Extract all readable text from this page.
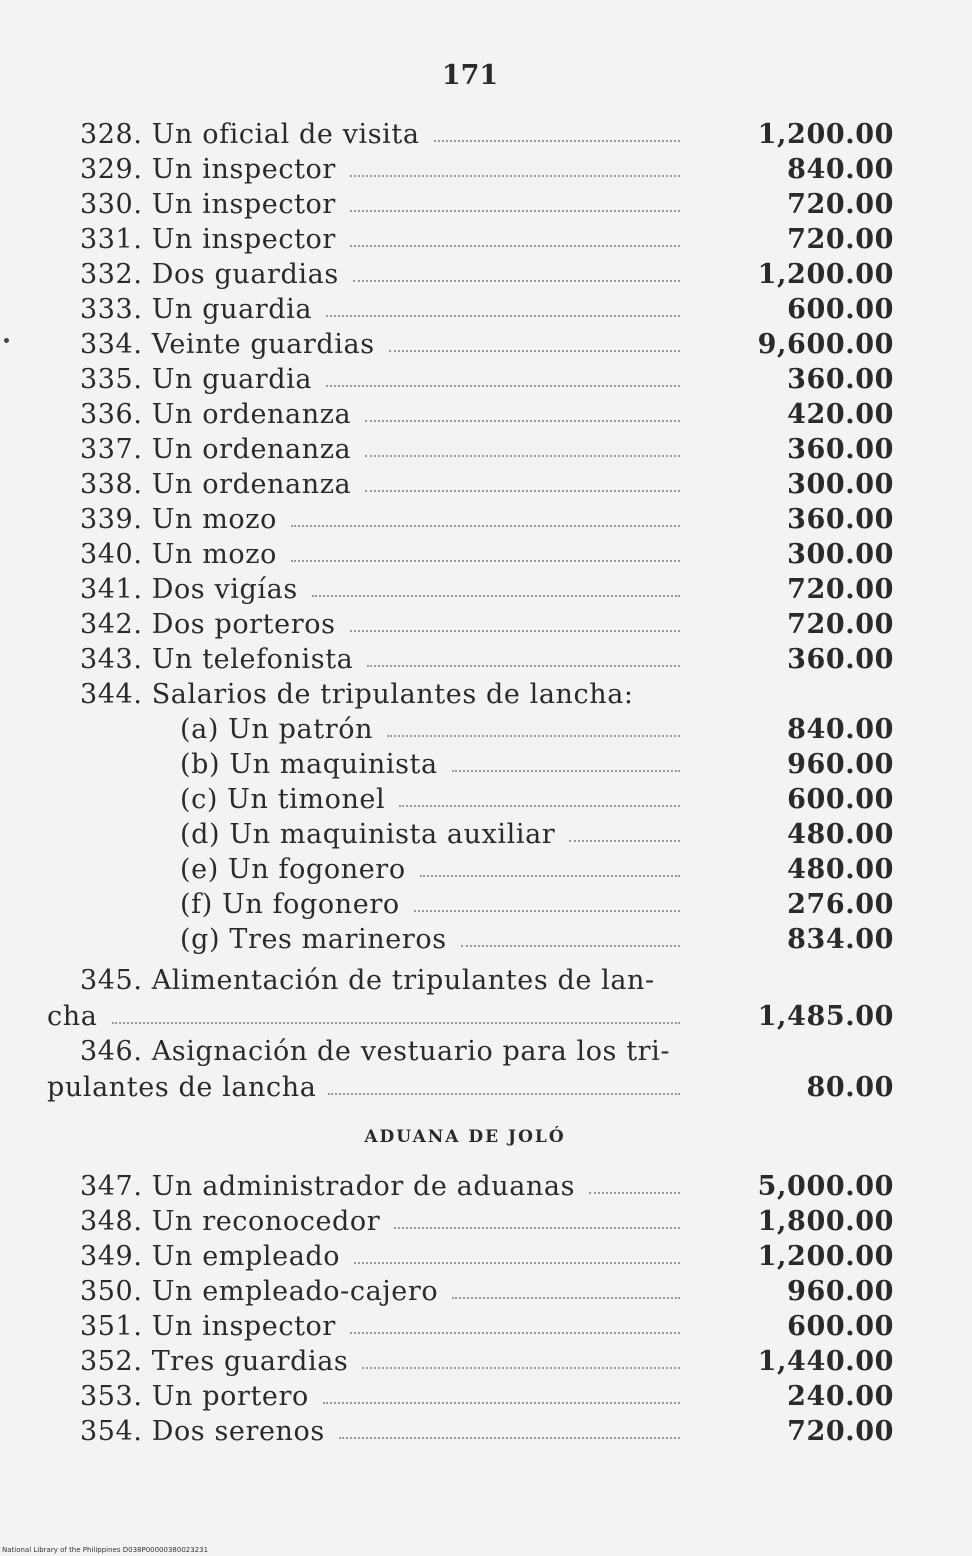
171
328. Un oficial de visita	1,200.00
329. Un inspector	840.00
330. Un inspector	720.00
331. Un inspector	720.00
332. Dos guardias	1,200.00
333. Un guardia	600.00
334. Veinte guardias	9,600.00
335. Un guardia	360.00
336. Un ordenanza	420.00
337. Un ordenanza	360.00
338. Un ordenanza	300.00
339. Un mozo	360.00
340. Un mozo	300.00
341. Dos vigías	720.00
342. Dos porteros	720.00
343. Un telefonista	360.00
344. Salarios de tripulantes de lancha:
(a) Un patrón	840.00
(b) Un maquinista	960.00
(c) Un timonel	600.00
(d) Un maquinista auxiliar	480.00
(e) Un fogonero	480.00
(f) Un fogonero	276.00
(g) Tres marineros	834.00
345. Alimentación de tripulantes de lan-
cha	1,485.00
346. Asignación de vestuario para los tri-
pulantes de lancha	80.00
ADUANA DE JOLÓ
347. Un administrador de aduanas	5,000.00
348. Un reconocedor	1,800.00
349. Un empleado	1,200.00
350. Un empleado-cajero	960.00
351. Un inspector	600.00
352. Tres guardias	1,440.00
353. Un portero	240.00
354. Dos serenos	720.00
National Library of the Philippines D038P00000380023231
